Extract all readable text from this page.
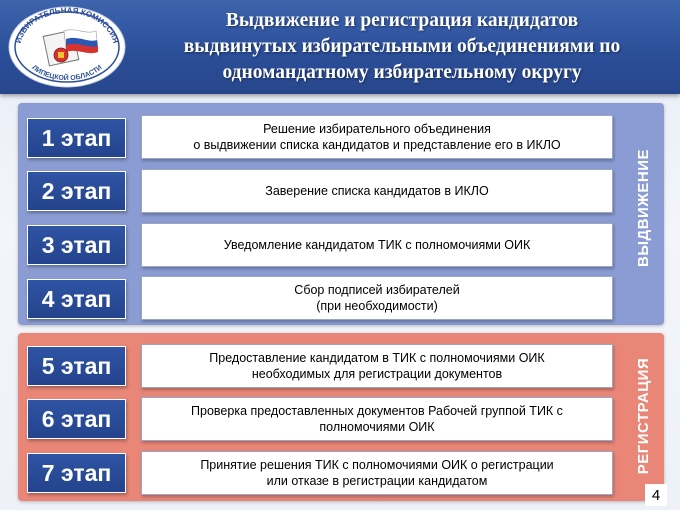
ИЗБИРАТЕЛЬНАЯ КОМИССИЯ
ЛИПЕЦКОЙ ОБЛАСТИ
Выдвижение и регистрация кандидатов
выдвинутых избирательными объединениями по
одномандатному избирательному округу
ВЫДВИЖЕНИЕ
РЕГИСТРАЦИЯ
1 этап	Решение избирательного объединения
о выдвижении списка кандидатов и представление его в ИКЛО
2 этап	Заверение списка кандидатов в ИКЛО
3 этап	Уведомление кандидатом ТИК с полномочиями ОИК
4 этап	Сбор подписей избирателей
(при необходимости)
5 этап	Предоставление кандидатом в ТИК с полномочиями ОИК
необходимых для регистрации документов
6 этап	Проверка предоставленных документов Рабочей группой ТИК с
полномочиями ОИК
7 этап	Принятие решения ТИК с полномочиями ОИК о регистрации
или отказе в регистрации кандидатом
4
